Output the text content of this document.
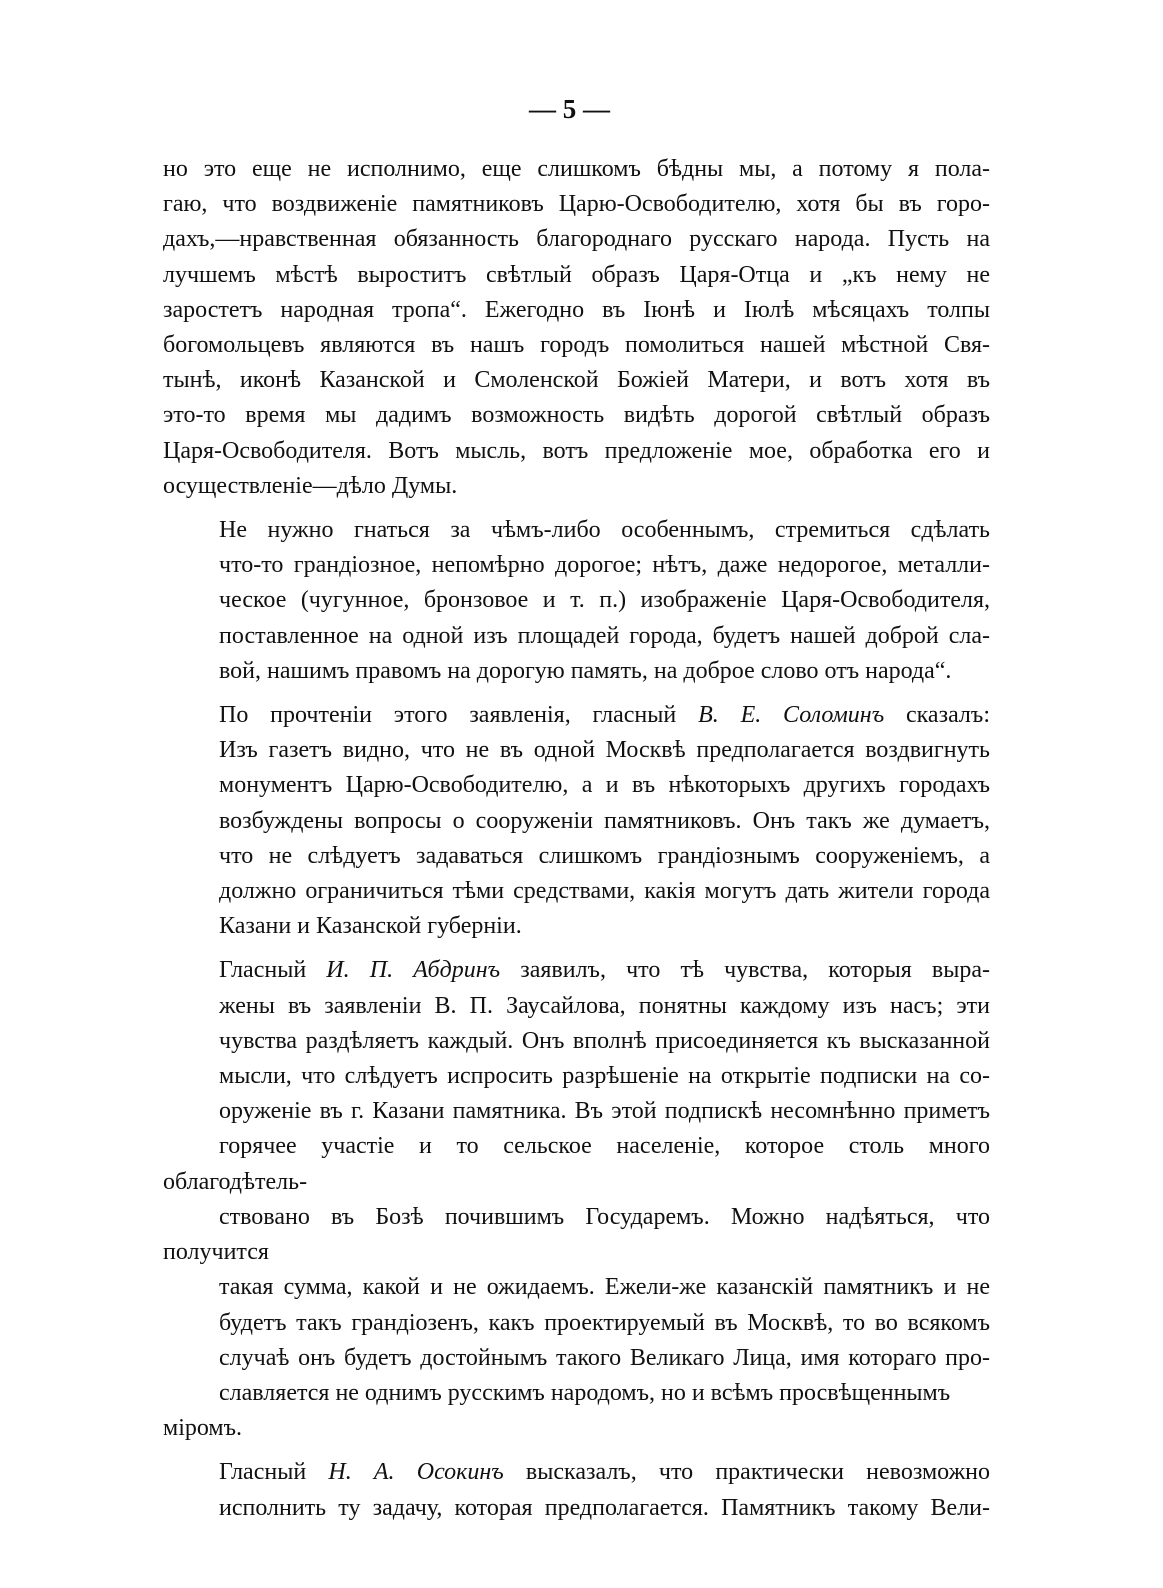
— 5 —

но это еще не исполнимо, еще слишкомъ бѣдны мы, а потому я пола-
гаю, что воздвиженіе памятниковъ Царю-Освободителю, хотя бы въ горо-
дахъ,—нравственная обязанность благороднаго русскаго народа. Пусть на
лучшемъ мѣстѣ выроститъ свѣтлый образъ Царя-Отца и „къ нему не
заростетъ народная тропа“. Ежегодно въ Іюнѣ и Іюлѣ мѣсяцахъ толпы
богомольцевъ являются въ нашъ городъ помолиться нашей мѣстной Свя-
тынѣ, иконѣ Казанской и Смоленской Божіей Матери, и вотъ хотя въ
это-то время мы дадимъ возможность видѣть дорогой свѣтлый образъ
Царя-Освободителя. Вотъ мысль, вотъ предложеніе мое, обработка его и
осуществленіе—дѣло Думы.

Не нужно гнаться за чѣмъ-либо особеннымъ, стремиться сдѣлать
что-то грандіозное, непомѣрно дорогое; нѣтъ, даже недорогое, металли-
ческое (чугунное, бронзовое и т. п.) изображеніе Царя-Освободителя,
поставленное на одной изъ площадей города, будетъ нашей доброй сла-
вой, нашимъ правомъ на дорогую память, на доброе слово отъ народа“.

По прочтеніи этого заявленія, гласный В. Е. Соломинъ сказалъ:
Изъ газетъ видно, что не въ одной Москвѣ предполагается воздвигнуть
монументъ Царю-Освободителю, а и въ нѣкоторыхъ другихъ городахъ
возбуждены вопросы о сооруженіи памятниковъ. Онъ такъ же думаетъ,
что не слѣдуетъ задаваться слишкомъ грандіознымъ сооруженіемъ, а
должно ограничиться тѣми средствами, какія могутъ дать жители города
Казани и Казанской губерніи.

Гласный И. П. Абдринъ заявилъ, что тѣ чувства, которыя выра-
жены въ заявленіи В. П. Заусайлова, понятны каждому изъ насъ; эти
чувства раздѣляетъ каждый. Онъ вполнѣ присоединяется къ высказанной
мысли, что слѣдуетъ испросить разрѣшеніе на открытіе подписки на со-
оруженіе въ г. Казани памятника. Въ этой подпискѣ несомнѣнно приметъ
горячее участіе и то сельское населеніе, которое столь много облагодѣтель-
ствовано въ Бозѣ почившимъ Государемъ. Можно надѣяться, что получится
такая сумма, какой и не ожидаемъ. Ежели-же казанскій памятникъ и не
будетъ такъ грандіозенъ, какъ проектируемый въ Москвѣ, то во всякомъ
случаѣ онъ будетъ достойнымъ такого Великаго Лица, имя котораго про-
славляется не однимъ русскимъ народомъ, но и всѣмъ просвѣщеннымъ міромъ.

Гласный Н. А. Осокинъ высказалъ, что практически невозможно
исполнить ту задачу, которая предполагается. Памятникъ такому Вели-
